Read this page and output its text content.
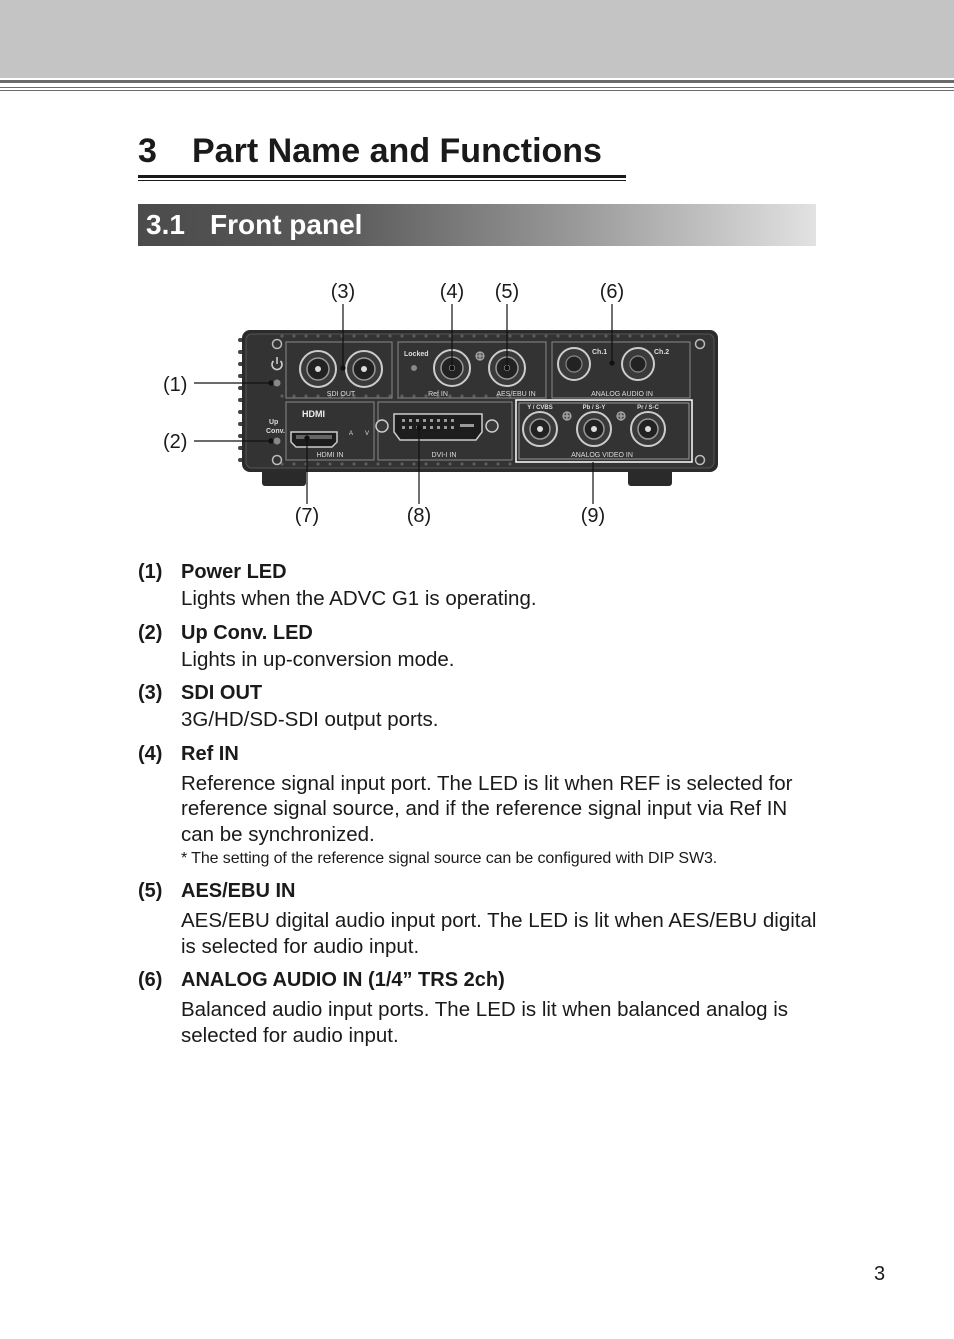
3 Part Name and Functions
3.1 Front panel
Up
Conv.
SDI OUT
Locked
Ref IN	AES/EBU IN
Ch.1	Ch.2
ANALOG AUDIO IN
HDMI
A V
HDMI IN	DVI-I IN
Y / CVBS	Pb / S-Y	Pr / S-C
ANALOG VIDEO IN
(1)
(2)
(3)	(4) (5)	(6)
(7)	(8)	(9)
(1) Power LED
Lights when the ADVC G1 is operating.
(2) Up Conv. LED
Lights in up-conversion mode.
(3) SDI OUT
3G/HD/SD-SDI output ports.
(4) Ref IN
Reference signal input port. The LED is lit when REF is selected for reference signal source, and if the reference signal input via Ref IN can be synchronized.
* The setting of the reference signal source can be configured with DIP SW3.
(5) AES/EBU IN
AES/EBU digital audio input port. The LED is lit when AES/EBU digital is selected for audio input.
(6) ANALOG AUDIO IN (1/4” TRS 2ch)
Balanced audio input ports. The LED is lit when balanced analog is selected for audio input.
3
